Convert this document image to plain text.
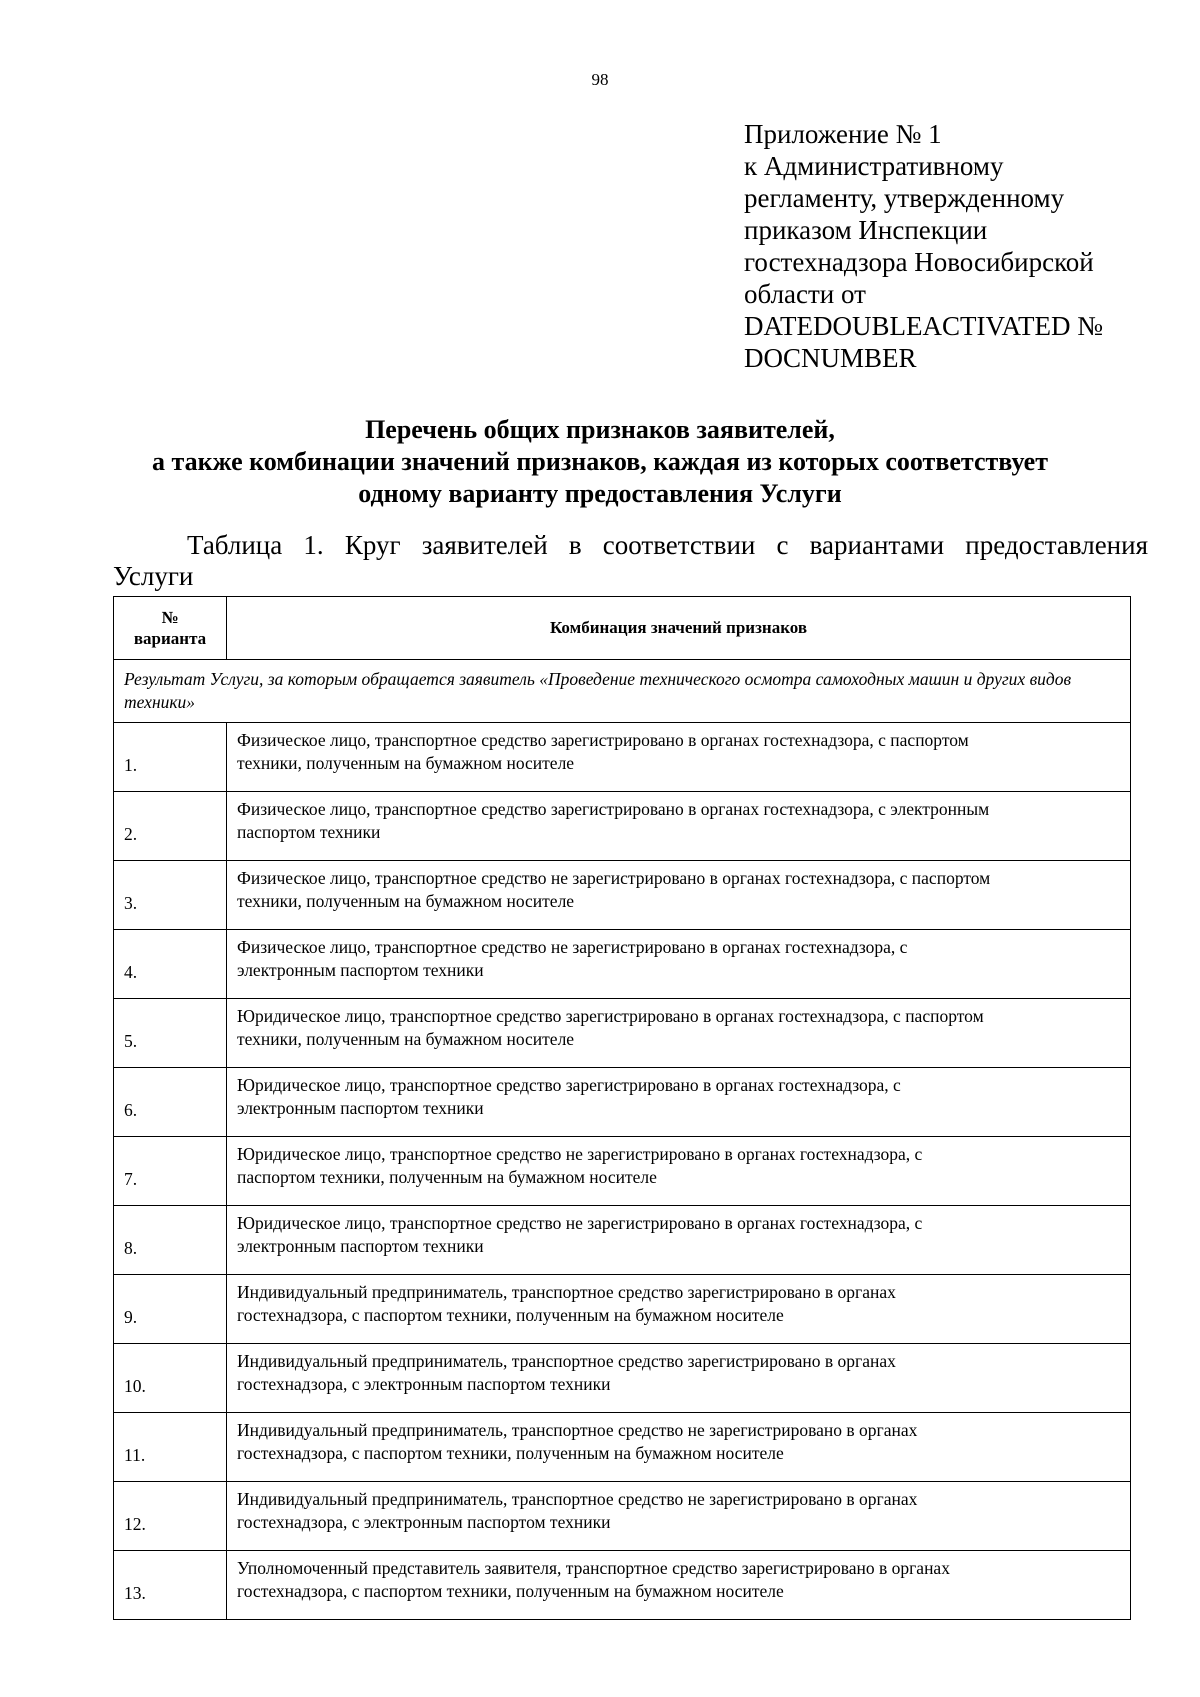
98
Приложение № 1
к Административному
регламенту, утвержденному
приказом Инспекции
гостехнадзора Новосибирской
области от
DATEDOUBLEACTIVATED №
DOCNUMBER
Перечень общих признаков заявителей,
а также комбинации значений признаков, каждая из которых соответствует
одному варианту предоставления Услуги
Таблица 1. Круг заявителей в соответствии с вариантами предоставления
Услуги
№
варианта	Комбинация значений признаков
Результат Услуги, за которым обращается заявитель «Проведение технического осмотра самоходных машин и других видов техники»	
1.	Физическое лицо, транспортное средство зарегистрировано в органах гостехнадзора, с паспортом
техники, полученным на бумажном носителе

2.	Физическое лицо, транспортное средство зарегистрировано в органах гостехнадзора, с электронным
паспортом техники

3.	Физическое лицо, транспортное средство не зарегистрировано в органах гостехнадзора, с паспортом
техники, полученным на бумажном носителе

4.	Физическое лицо, транспортное средство не зарегистрировано в органах гостехнадзора, с
электронным паспортом техники

5.	Юридическое лицо, транспортное средство зарегистрировано в органах гостехнадзора, с паспортом
техники, полученным на бумажном носителе

6.	Юридическое лицо, транспортное средство зарегистрировано в органах гостехнадзора, с
электронным паспортом техники

7.	Юридическое лицо, транспортное средство не зарегистрировано в органах гостехнадзора, с
паспортом техники, полученным на бумажном носителе

8.	Юридическое лицо, транспортное средство не зарегистрировано в органах гостехнадзора, с
электронным паспортом техники

9.	Индивидуальный предприниматель, транспортное средство зарегистрировано в органах
гостехнадзора, с паспортом техники, полученным на бумажном носителе

10.	Индивидуальный предприниматель, транспортное средство зарегистрировано в органах
гостехнадзора, с электронным паспортом техники

11.	Индивидуальный предприниматель, транспортное средство не зарегистрировано в органах
гостехнадзора, с паспортом техники, полученным на бумажном носителе

12.	Индивидуальный предприниматель, транспортное средство не зарегистрировано в органах
гостехнадзора, с электронным паспортом техники

13.	Уполномоченный представитель заявителя, транспортное средство зарегистрировано в органах
гостехнадзора, с паспортом техники, полученным на бумажном носителе
